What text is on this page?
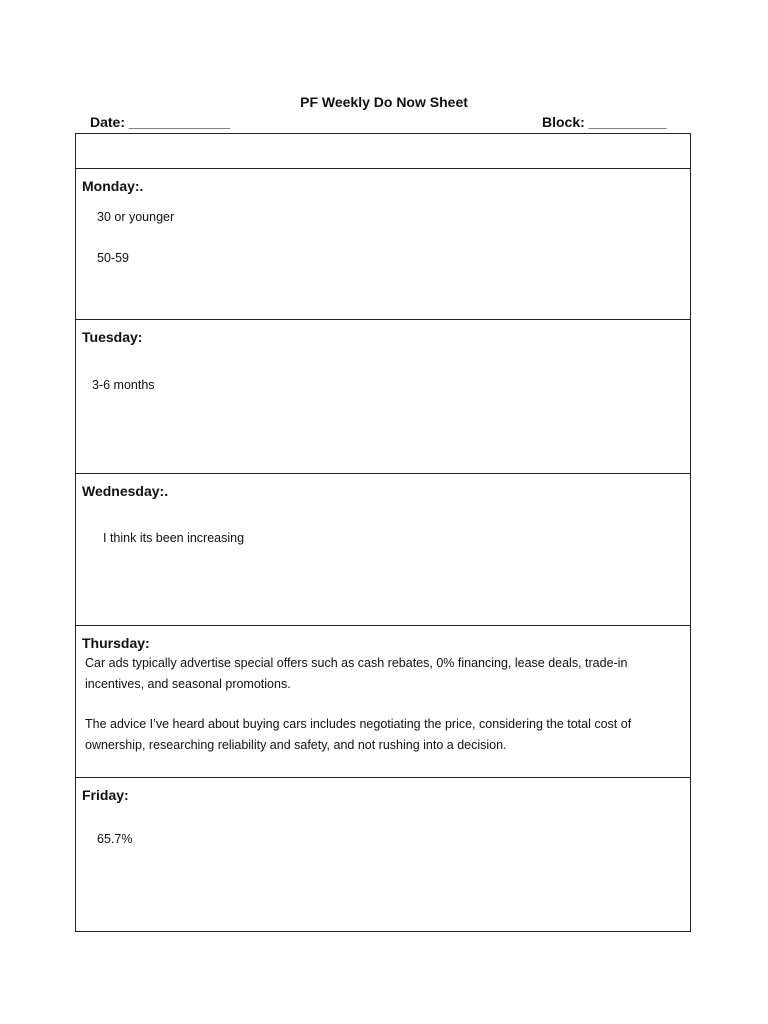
PF Weekly Do Now Sheet
Date: _____________	Block: __________
Monday:.
30 or younger
50-59
Tuesday:
3-6 months
Wednesday:.
I think its been increasing
Thursday:
Car ads typically advertise special offers such as cash rebates, 0% financing, lease deals, trade-in incentives, and seasonal promotions.
The advice I’ve heard about buying cars includes negotiating the price, considering the total cost of ownership, researching reliability and safety, and not rushing into a decision.
Friday:
65.7%
